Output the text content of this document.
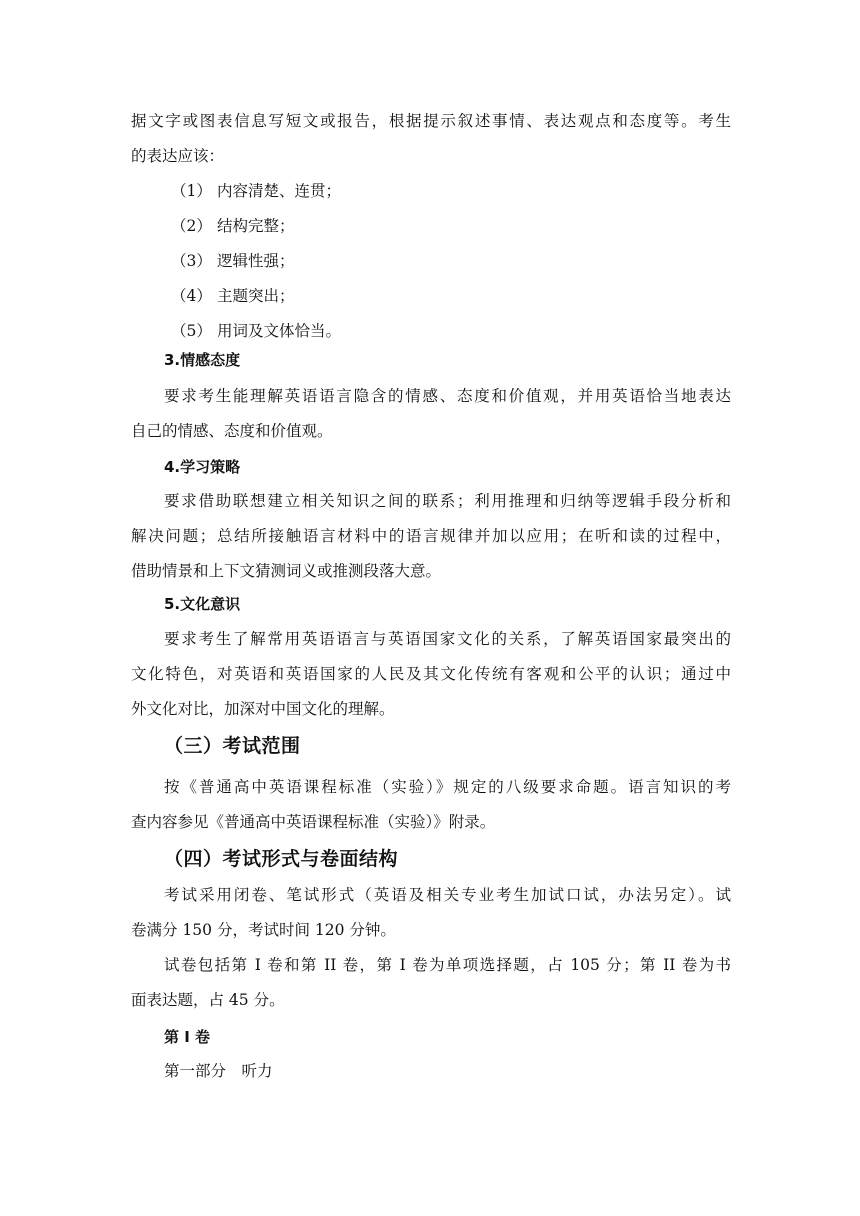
据文字或图表信息写短文或报告，根据提示叙述事情、表达观点和态度等。考生
的表达应该：

（1） 内容清楚、连贯；
（2） 结构完整；
（3） 逻辑性强；
（4） 主题突出；
（5） 用词及文体恰当。
3.情感态度

要求考生能理解英语语言隐含的情感、态度和价值观，并用英语恰当地表达
自己的情感、态度和价值观。

4.学习策略

要求借助联想建立相关知识之间的联系；利用推理和归纳等逻辑手段分析和
解决问题；总结所接触语言材料中的语言规律并加以应用；在听和读的过程中，
借助情景和上下文猜测词义或推测段落大意。

5.文化意识

要求考生了解常用英语语言与英语国家文化的关系，了解英语国家最突出的
文化特色，对英语和英语国家的人民及其文化传统有客观和公平的认识；通过中
外文化对比，加深对中国文化的理解。

（三）考试范围

按《普通高中英语课程标准（实验）》规定的八级要求命题。语言知识的考
查内容参见《普通高中英语课程标准（实验）》附录。

（四）考试形式与卷面结构

考试采用闭卷、笔试形式（英语及相关专业考生加试口试，办法另定）。试
卷满分 150 分，考试时间 120 分钟。

试卷包括第 I 卷和第 II 卷，第 I 卷为单项选择题，占 105 分；第 II 卷为书
面表达题，占 45 分。

第 I 卷
第一部分　听力
